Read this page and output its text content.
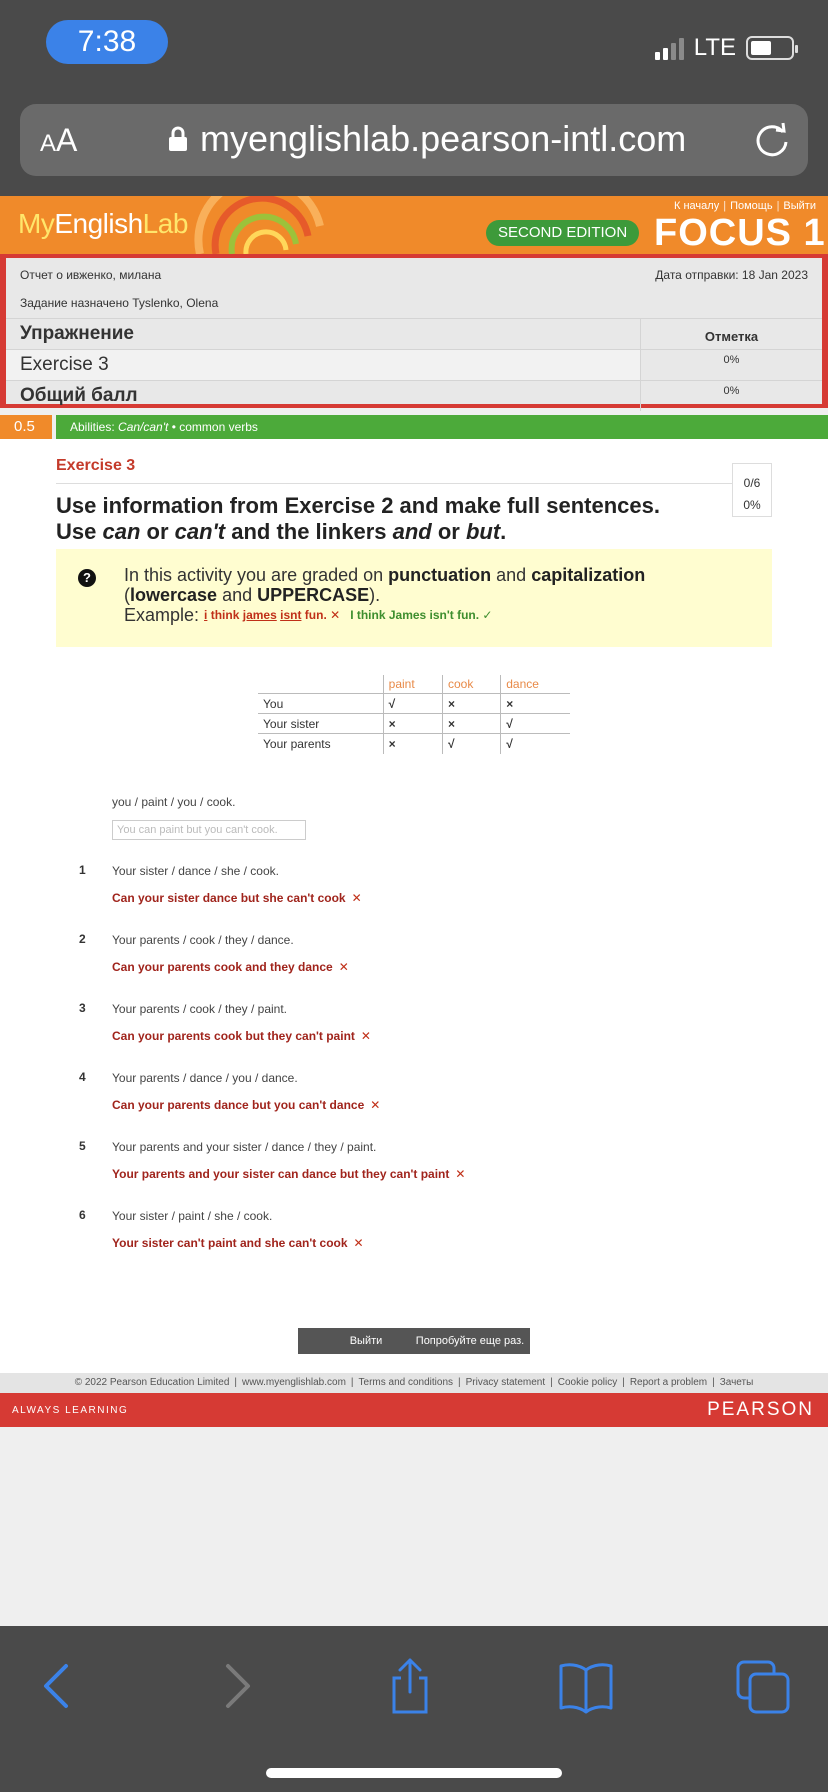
7:38	LTE
AA	myenglishlab.pearson-intl.com
MyEnglishLab
К началу | Помощь | Выйти
SECOND EDITION FOCUS 1
Отчет о ивженко, милана	Дата отправки: 18 Jan 2023
Задание назначено Tyslenko, Olena
Упражнение	Отметка
Exercise 3	0%
Общий балл	0%
0.5	Abilities: Can/can't • common verbs
Exercise 3
0/6
0%
Use information from Exercise 2 and make full sentences. Use can or can't and the linkers and or but.
? In this activity you are graded on punctuation and capitalization
(lowercase and UPPERCASE).
Example: i think james isnt fun. ✕ I think James isn't fun. ✓
	paint	cook	dance
You	√	×	×
Your sister	×	×	√
Your parents	×	√	√
you / paint / you / cook.
You can paint but you can't cook.
1 Your sister / dance / she / cook.
Can your sister dance but she can't cook ✕
2 Your parents / cook / they / dance.
Can your parents cook and they dance ✕
3 Your parents / cook / they / paint.
Can your parents cook but they can't paint ✕
4 Your parents / dance / you / dance.
Can your parents dance but you can't dance ✕
5 Your parents and your sister / dance / they / paint.
Your parents and your sister can dance but they can't paint ✕
6 Your sister / paint / she / cook.
Your sister can't paint and she can't cook ✕
Выйти	Попробуйте еще раз.
© 2022 Pearson Education Limited | www.myenglishlab.com | Terms and conditions | Privacy statement | Cookie policy | Report a problem | Зачеты
ALWAYS LEARNING	PEARSON
